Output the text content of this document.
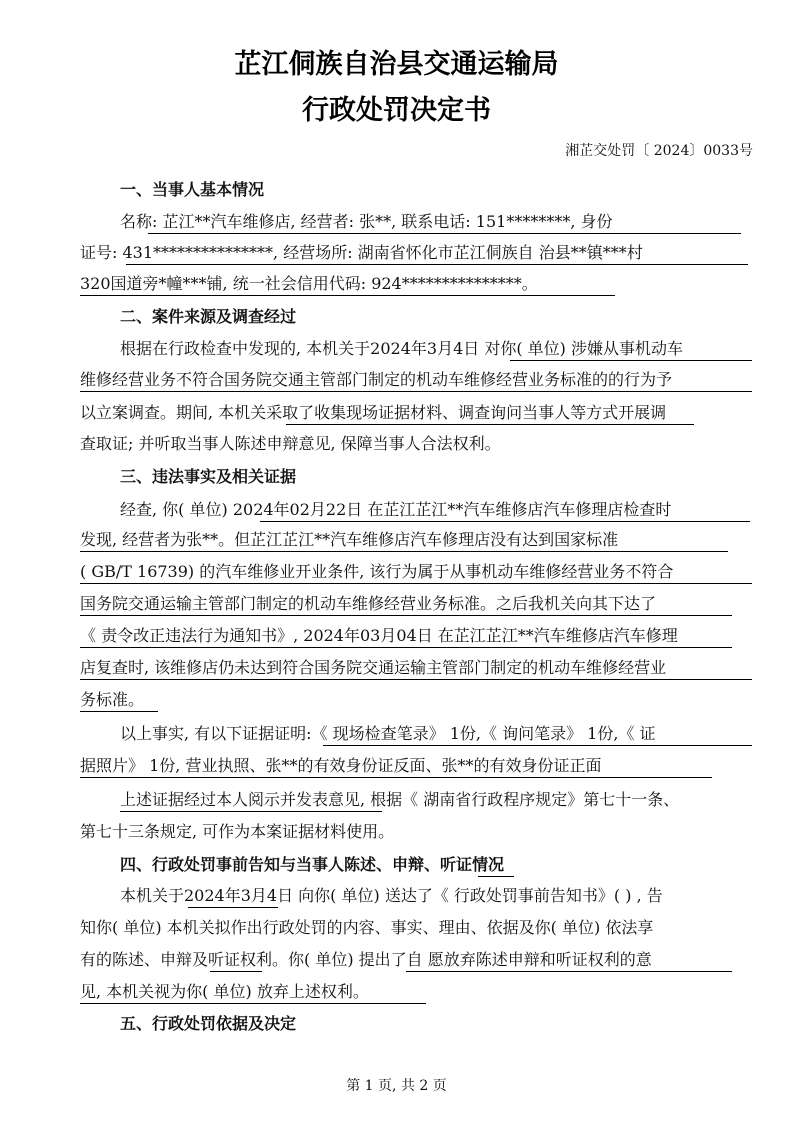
芷江侗族自治县交通运输局
行政处罚决定书
湘芷交处罚〔 2024〕0033号
一、当事人基本情况
名称: 芷江**汽车维修店, 经营者: 张**, 联系电话: 151********, 身份
证号: 431***************, 经营场所: 湖南省怀化市芷江侗族自 治县**镇***村
320国道旁*幢***铺, 统一社会信用代码: 924***************。
二、案件来源及调查经过
根据在行政检查中发现的, 本机关于2024年3月4日 对你( 单位) 涉嫌从事机动车
维修经营业务不符合国务院交通主管部门制定的机动车维修经营业务标准的的行为予
以立案调查。期间, 本机关采取了收集现场证据材料、调查询问当事人等方式开展调
查取证; 并听取当事人陈述申辩意见, 保障当事人合法权利。
三、违法事实及相关证据
经查, 你( 单位) 2024年02月22日 在芷江芷江**汽车维修店汽车修理店检查时
发现, 经营者为张**。但芷江芷江**汽车维修店汽车修理店没有达到国家标准
( GB/T 16739) 的汽车维修业开业条件, 该行为属于从事机动车维修经营业务不符合
国务院交通运输主管部门制定的机动车维修经营业务标准。之后我机关向其下达了
《 责令改正违法行为通知书》, 2024年03月04日 在芷江芷江**汽车维修店汽车修理
店复查时, 该维修店仍未达到符合国务院交通运输主管部门制定的机动车维修经营业
务标准。
以上事实, 有以下证据证明:《 现场检查笔录》 1份,《 询问笔录》 1份,《 证
据照片》 1份, 营业执照、张**的有效身份证反面、张**的有效身份证正面
上述证据经过本人阅示并发表意见, 根据《 湖南省行政程序规定》第七十一条、
第七十三条规定, 可作为本案证据材料使用。
四、行政处罚事前告知与当事人陈述、申辩、听证情况
本机关于2024年3月4日 向你( 单位) 送达了《 行政处罚事前告知书》( ) , 告
知你( 单位) 本机关拟作出行政处罚的内容、事实、理由、依据及你( 单位) 依法享
有的陈述、申辩及听证权利。你( 单位) 提出了自 愿放弃陈述申辩和听证权利的意
见, 本机关视为你( 单位) 放弃上述权利。
五、行政处罚依据及决定
第 1 页, 共 2 页
